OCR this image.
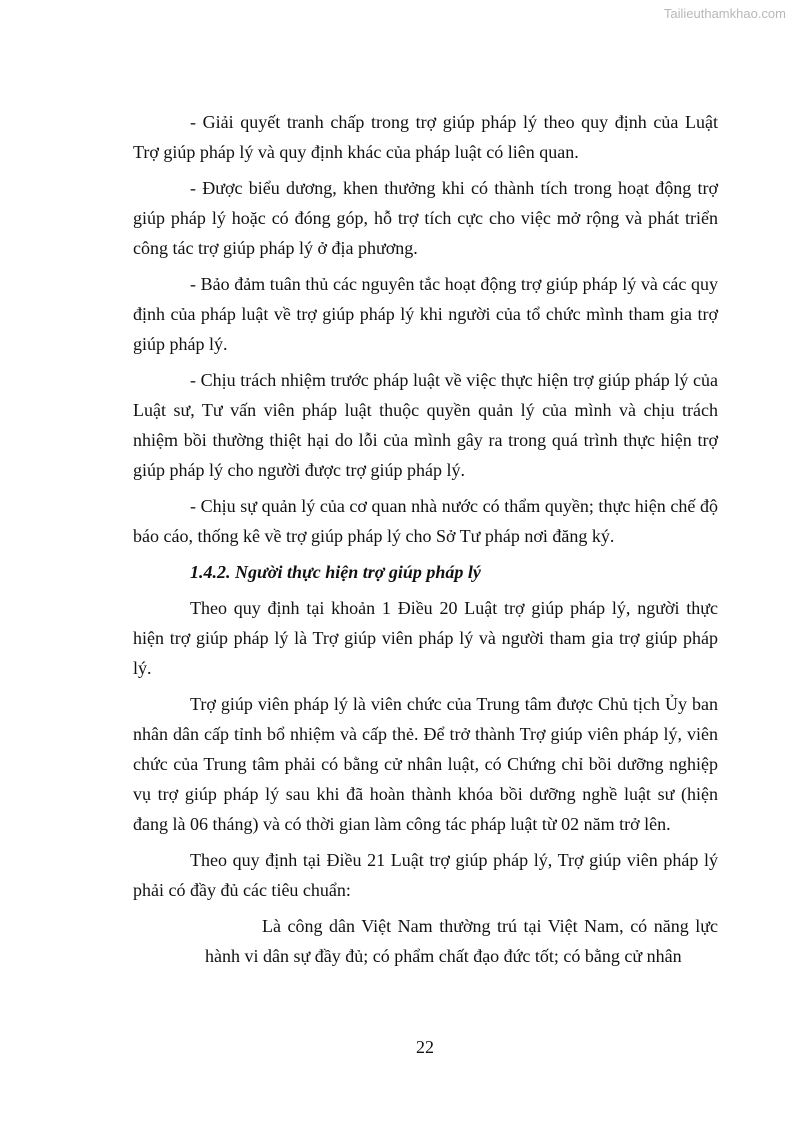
Tailieuthamkhao.com

- Giải quyết tranh chấp trong trợ giúp pháp lý theo quy định của Luật Trợ giúp pháp lý và quy định khác của pháp luật có liên quan.

- Được biểu dương, khen thưởng khi có thành tích trong hoạt động trợ giúp pháp lý hoặc có đóng góp, hỗ trợ tích cực cho việc mở rộng và phát triển công tác trợ giúp pháp lý ở địa phương.

- Bảo đảm tuân thủ các nguyên tắc hoạt động trợ giúp pháp lý và các quy định của pháp luật về trợ giúp pháp lý khi người của tổ chức mình tham gia trợ giúp pháp lý.

- Chịu trách nhiệm trước pháp luật về việc thực hiện trợ giúp pháp lý của Luật sư, Tư vấn viên pháp luật thuộc quyền quản lý của mình và chịu trách nhiệm bồi thường thiệt hại do lỗi của mình gây ra trong quá trình thực hiện trợ giúp pháp lý cho người được trợ giúp pháp lý.

- Chịu sự quản lý của cơ quan nhà nước có thẩm quyền; thực hiện chế độ báo cáo, thống kê về trợ giúp pháp lý cho Sở Tư pháp nơi đăng ký.

1.4.2. Người thực hiện trợ giúp pháp lý

Theo quy định tại khoản 1 Điều 20 Luật trợ giúp pháp lý, người thực hiện trợ giúp pháp lý là Trợ giúp viên pháp lý và người tham gia trợ giúp pháp lý.

Trợ giúp viên pháp lý là viên chức của Trung tâm được Chủ tịch Ủy ban nhân dân cấp tỉnh bổ nhiệm và cấp thẻ. Để trở thành Trợ giúp viên pháp lý, viên chức của Trung tâm phải có bằng cử nhân luật, có Chứng chỉ bồi dưỡng nghiệp vụ trợ giúp pháp lý sau khi đã hoàn thành khóa bồi dưỡng nghề luật sư (hiện đang là 06 tháng) và có thời gian làm công tác pháp luật từ 02 năm trở lên.

Theo quy định tại Điều 21 Luật trợ giúp pháp lý, Trợ giúp viên pháp lý phải có đầy đủ các tiêu chuẩn:

Là công dân Việt Nam thường trú tại Việt Nam, có năng lực hành vi dân sự đầy đủ; có phẩm chất đạo đức tốt; có bằng cử nhân

22
